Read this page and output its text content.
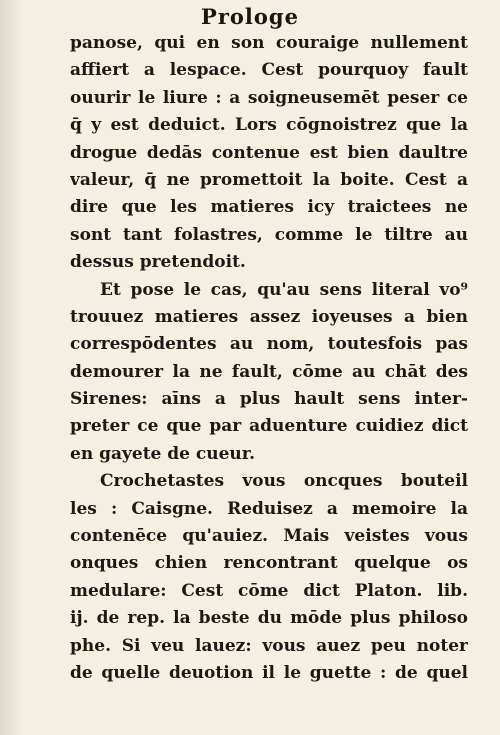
Prologe
panose, qui en son couraige nullement
affiert a lespace. Cest pourquoy fault
ouurir le liure : a soigneusemēt peser ce
q̄ y est deduict. Lors cōgnoistrez que la
drogue dedās contenue est bien daultre
valeur, q̄ ne promettoit la boite. Cest a
dire que les matieres icy traictees ne
sont tant folastres, comme le tiltre au
dessus pretendoit.
Et pose le cas, qu'au sens literal vo⁹
trouuez matieres assez ioyeuses a bien
correspōdentes au nom, toutesfois pas
demourer la ne fault, cōme au chāt des
Sirenes: aīns a plus hault sens inter-
preter ce que par aduenture cuidiez dict
en gayete de cueur.
Crochetastes vous oncques bouteil
les : Caisgne. Reduisez a memoire la
contenēce qu'auiez. Mais veistes vous
onques chien rencontrant quelque os
medulare: Cest cōme dict Platon. lib.
ij. de rep. la beste du mōde plus philoso
phe. Si veu lauez: vous auez peu noter
de quelle deuotion il le guette : de quel
